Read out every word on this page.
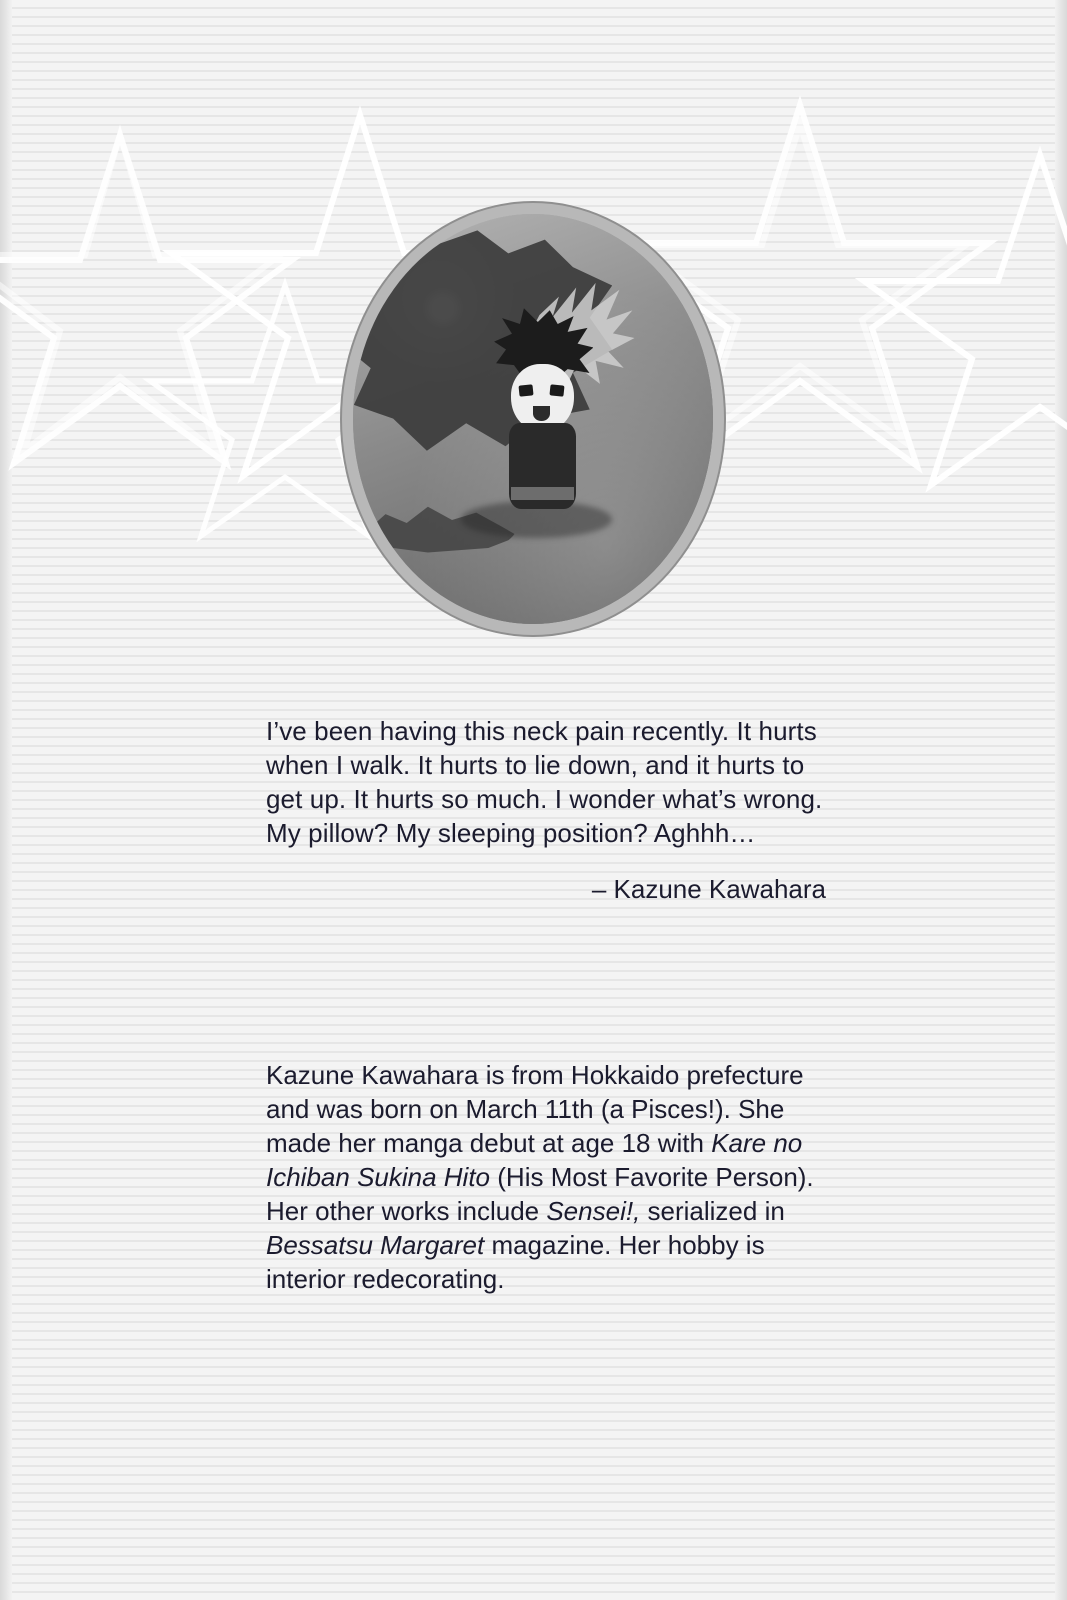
I’ve been having this neck pain recently. It hurts when I walk. It hurts to lie down, and it hurts to get up. It hurts so much. I wonder what’s wrong. My pillow? My sleeping position? Aghhh…

– Kazune Kawahara

Kazune Kawahara is from Hokkaido prefecture and was born on March 11th (a Pisces!). She made her manga debut at age 18 with Kare no Ichiban Sukina Hito (His Most Favorite Person). Her other works include Sensei!, serialized in Bessatsu Margaret magazine. Her hobby is interior redecorating.
